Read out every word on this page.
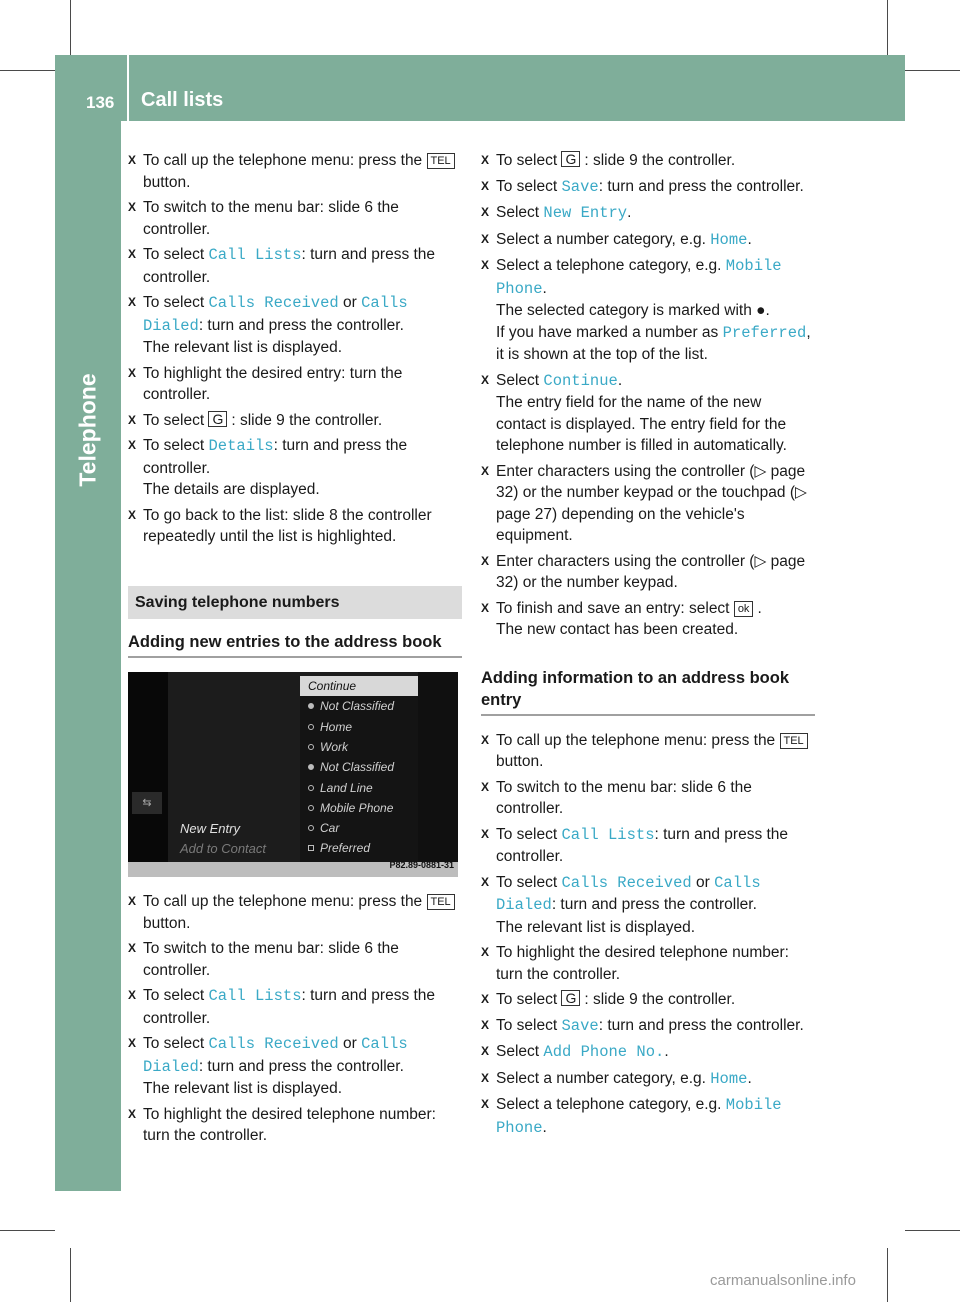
136 Call lists
Telephone
X To call up the telephone menu: press the TELbutton.
X To switch to the menu bar: slide 6 the controller.
X To select Call Lists: turn and press the controller.
X To select Calls Received or Calls Dialed: turn and press the controller.
The relevant list is displayed.
X To highlight the desired entry: turn the controller.
X To select G : slide 9 the controller.
X To select Details: turn and press the controller.
The details are displayed.
X To go back to the list: slide 8 the controller repeatedly until the list is highlighted.
Saving telephone numbers
Adding new entries to the address book
⇆
Continue
Not Classified
Home
Work
Not Classified
Land Line
Mobile Phone
Car
Preferred
New Entry
Add to Contact
P82.89-0881-31
X To call up the telephone menu: press the TELbutton.
X To switch to the menu bar: slide 6 the controller.
X To select Call Lists: turn and press the controller.
X To select Calls Received or Calls Dialed: turn and press the controller.
The relevant list is displayed.
X To highlight the desired telephone number: turn the controller.
X To select G : slide 9 the controller.
X To select Save: turn and press the controller.
X Select New Entry.
X Select a number category, e.g. Home.
X Select a telephone category, e.g. Mobile Phone.
The selected category is marked with ●.
If you have marked a number as Preferred, it is shown at the top of the list.
X Select Continue.
The entry field for the name of the new contact is displayed. The entry field for the telephone number is filled in automatically.
X Enter characters using the controller (▷ page 32) or the number keypad or the touchpad (▷ page 27) depending on the vehicle's equipment.
X Enter characters using the controller (▷ page 32) or the number keypad.
X To finish and save an entry: select ok .
The new contact has been created.
Adding information to an address book entry
X To call up the telephone menu: press the TELbutton.
X To switch to the menu bar: slide 6 the controller.
X To select Call Lists: turn and press the controller.
X To select Calls Received or Calls Dialed: turn and press the controller.
The relevant list is displayed.
X To highlight the desired telephone number: turn the controller.
X To select G : slide 9 the controller.
X To select Save: turn and press the controller.
X Select Add Phone No..
X Select a number category, e.g. Home.
X Select a telephone category, e.g. Mobile Phone.
carmanualsonline.info
